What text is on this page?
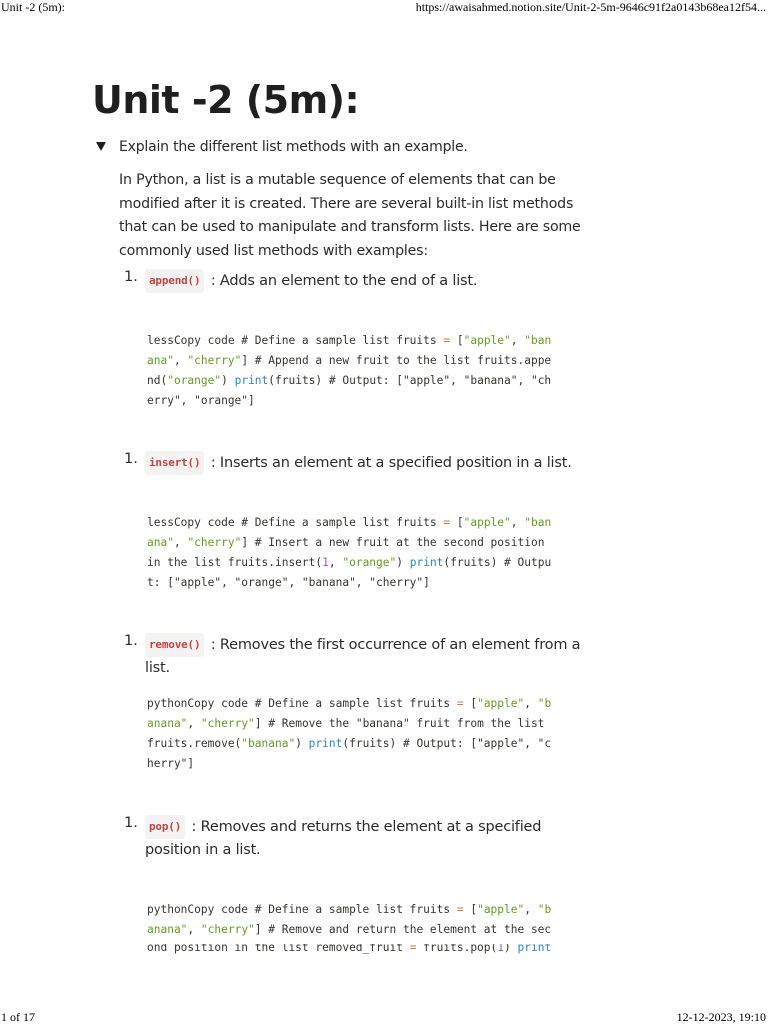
Unit -2 (5m):	https://awaisahmed.notion.site/Unit-2-5m-9646c91f2a0143b68ea12f54...
Unit -2 (5m):
Explain the different list methods with an example.

In Python, a list is a mutable sequence of elements that can be modified after it is created. There are several built-in list methods that can be used to manipulate and transform lists. Here are some commonly used list methods with examples:

1.	append() : Adds an element to the end of a list.
lessCopy code # Define a sample list fruits = ["apple", "ban
ana", "cherry"] # Append a new fruit to the list fruits.appe
nd("orange") print(fruits) # Output: ["apple", "banana", "ch
erry", "orange"]
1.	insert() : Inserts an element at a specified position in a list.
lessCopy code # Define a sample list fruits = ["apple", "ban
ana", "cherry"] # Insert a new fruit at the second position
in the list fruits.insert(1, "orange") print(fruits) # Outpu
t: ["apple", "orange", "banana", "cherry"]
1.	remove() : Removes the first occurrence of an element from a list.
pythonCopy code # Define a sample list fruits = ["apple", "b
anana", "cherry"] # Remove the "banana" fruit from the list
fruits.remove("banana") print(fruits) # Output: ["apple", "c
herry"]
1.	pop() : Removes and returns the element at a specified position in a list.
pythonCopy code # Define a sample list fruits = ["apple", "b
anana", "cherry"] # Remove and return the element at the sec
ond position in the list removed_fruit = fruits.pop(1) print
1 of 17	12-12-2023, 19:10
